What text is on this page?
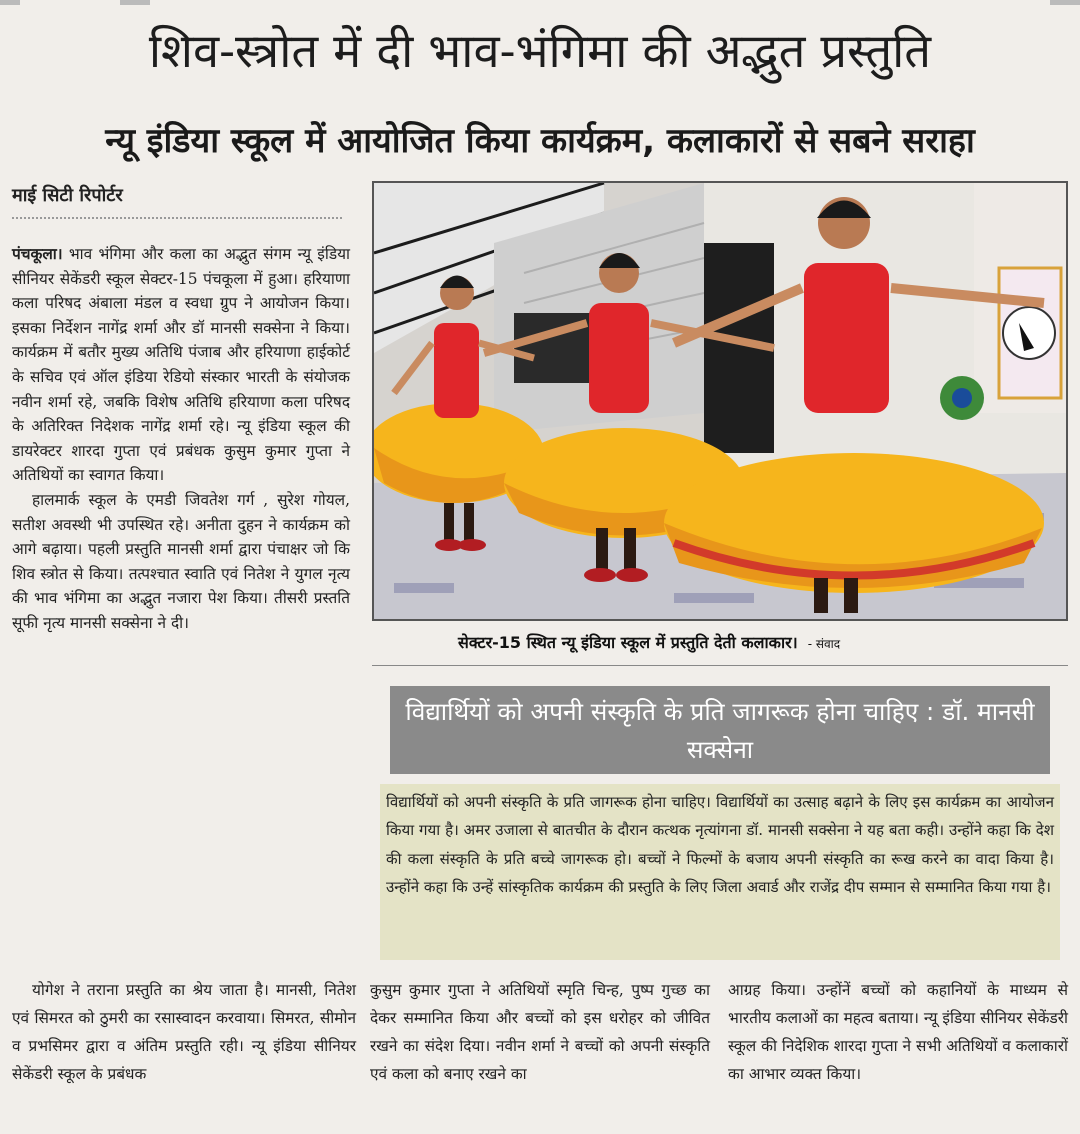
शिव-स्त्रोत में दी भाव-भंगिमा की अद्भुत प्रस्तुति
न्यू इंडिया स्कूल में आयोजित किया कार्यक्रम, कलाकारों से सबने सराहा
माई सिटी रिपोर्टर

पंचकूला। भाव भंगिमा और कला का अद्भुत संगम न्यू इंडिया सीनियर सेकेंडरी स्कूल सेक्टर-15 पंचकूला में हुआ। हरियाणा कला परिषद अंबाला मंडल व स्वधा ग्रुप ने आयोजन किया। इसका निर्देशन नागेंद्र शर्मा और डॉ मानसी सक्सेना ने किया। कार्यक्रम में बतौर मुख्य अतिथि पंजाब और हरियाणा हाईकोर्ट के सचिव एवं ऑल इंडिया रेडियो संस्कार भारती के संयोजक नवीन शर्मा रहे, जबकि विशेष अतिथि हरियाणा कला परिषद के अतिरिक्त निदेशक नागेंद्र शर्मा रहे। न्यू इंडिया स्कूल की डायरेक्टर शारदा गुप्ता एवं प्रबंधक कुसुम कुमार गुप्ता ने अतिथियों का स्वागत किया।

हालमार्क स्कूल के एमडी जिवतेश गर्ग , सुरेश गोयल, सतीश अवस्थी भी उपस्थित रहे। अनीता दुहन ने कार्यक्रम को आगे बढ़ाया। पहली प्रस्तुति मानसी शर्मा द्वारा पंचाक्षर जो कि शिव स्त्रोत से किया। तत्पश्चात स्वाति एवं नितेश ने युगल नृत्य की भाव भंगिमा का अद्भुत नजारा पेश किया। तीसरी प्रस्तति सूफी नृत्य मानसी सक्सेना ने दी।

सेक्टर-15 स्थित न्यू इंडिया स्कूल में प्रस्तुति देती कलाकार। - संवाद
विद्यार्थियों को अपनी संस्कृति के प्रति जागरूक होना चाहिए : डॉ. मानसी सक्सेना
विद्यार्थियों को अपनी संस्कृति के प्रति जागरूक होना चाहिए। विद्यार्थियों का उत्साह बढ़ाने के लिए इस कार्यक्रम का आयोजन किया गया है। अमर उजाला से बातचीत के दौरान कत्थक नृत्यांगना डॉ. मानसी सक्सेना ने यह बता कही। उन्होंने कहा कि देश की कला संस्कृति के प्रति बच्चे जागरूक हो। बच्चों ने फिल्मों के बजाय अपनी संस्कृति का रूख करने का वादा किया है। उन्होंने कहा कि उन्हें सांस्कृतिक कार्यक्रम की प्रस्तुति के लिए जिला अवार्ड और राजेंद्र दीप सम्मान से सम्मानित किया गया है।
योगेश ने तराना प्रस्तुति का श्रेय जाता है। मानसी, नितेश एवं सिमरत को ठुमरी का रसास्वादन करवाया। सिमरत, सीमोन व प्रभसिमर द्वारा व अंतिम प्रस्तुति रही। न्यू इंडिया सीनियर सेकेंडरी स्कूल के प्रबंधक
कुसुम कुमार गुप्ता ने अतिथियों स्मृति चिन्ह, पुष्प गुच्छ का देकर सम्मानित किया और बच्चों को इस धरोहर को जीवित रखने का संदेश दिया। नवीन शर्मा ने बच्चों को अपनी संस्कृति एवं कला को बनाए रखने का
आग्रह किया। उन्होंनें बच्चों को कहानियों के माध्यम से भारतीय कलाओं का महत्व बताया। न्यू इंडिया सीनियर सेकेंडरी स्कूल की निदेशिक शारदा गुप्ता ने सभी अतिथियों व कलाकारों का आभार व्यक्त किया।
